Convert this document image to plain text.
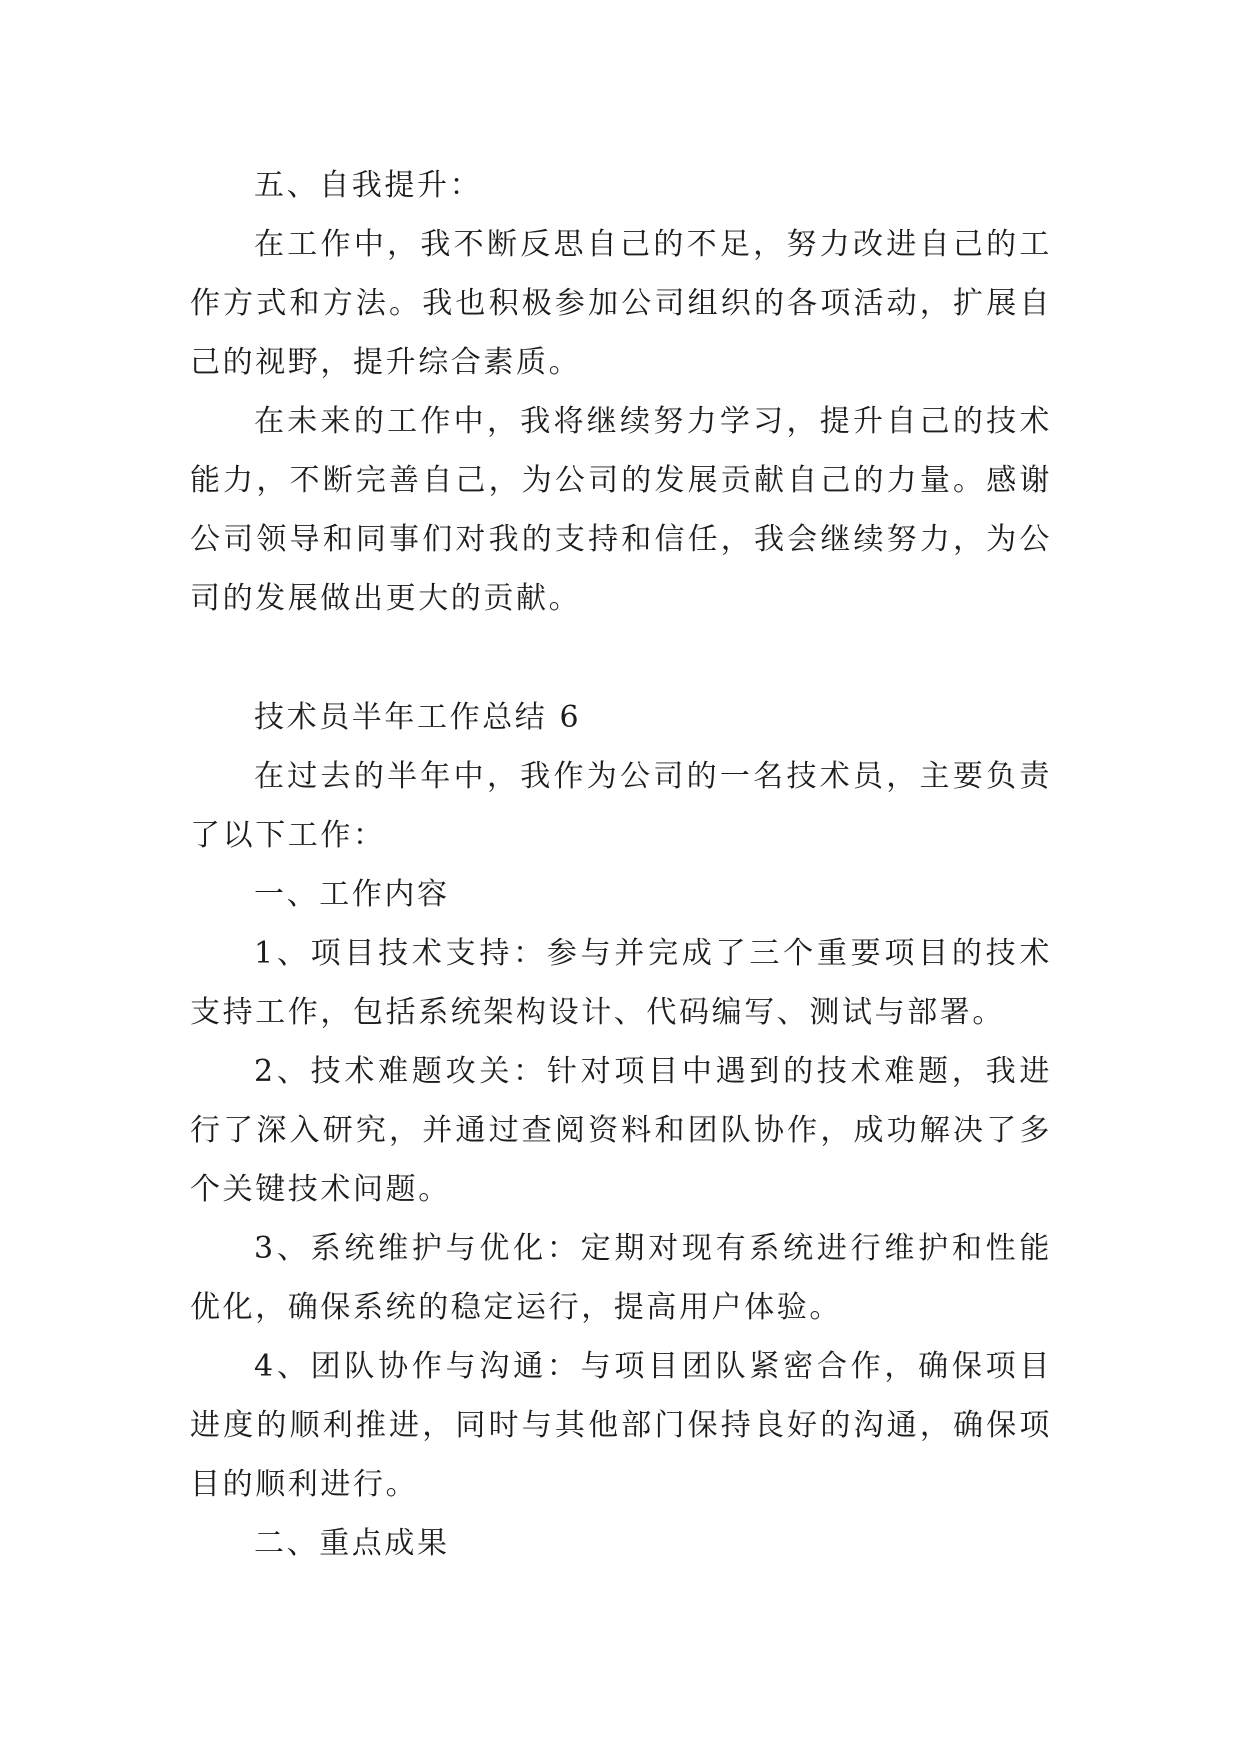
五、自我提升：

在工作中，我不断反思自己的不足，努力改进自己的工作方式和方法。我也积极参加公司组织的各项活动，扩展自己的视野，提升综合素质。

在未来的工作中，我将继续努力学习，提升自己的技术能力，不断完善自己，为公司的发展贡献自己的力量。感谢公司领导和同事们对我的支持和信任，我会继续努力，为公司的发展做出更大的贡献。

技术员半年工作总结 6

在过去的半年中，我作为公司的一名技术员，主要负责了以下工作：

一、工作内容

1、项目技术支持：参与并完成了三个重要项目的技术支持工作，包括系统架构设计、代码编写、测试与部署。

2、技术难题攻关：针对项目中遇到的技术难题，我进行了深入研究，并通过查阅资料和团队协作，成功解决了多个关键技术问题。

3、系统维护与优化：定期对现有系统进行维护和性能优化，确保系统的稳定运行，提高用户体验。

4、团队协作与沟通：与项目团队紧密合作，确保项目进度的顺利推进，同时与其他部门保持良好的沟通，确保项目的顺利进行。

二、重点成果
